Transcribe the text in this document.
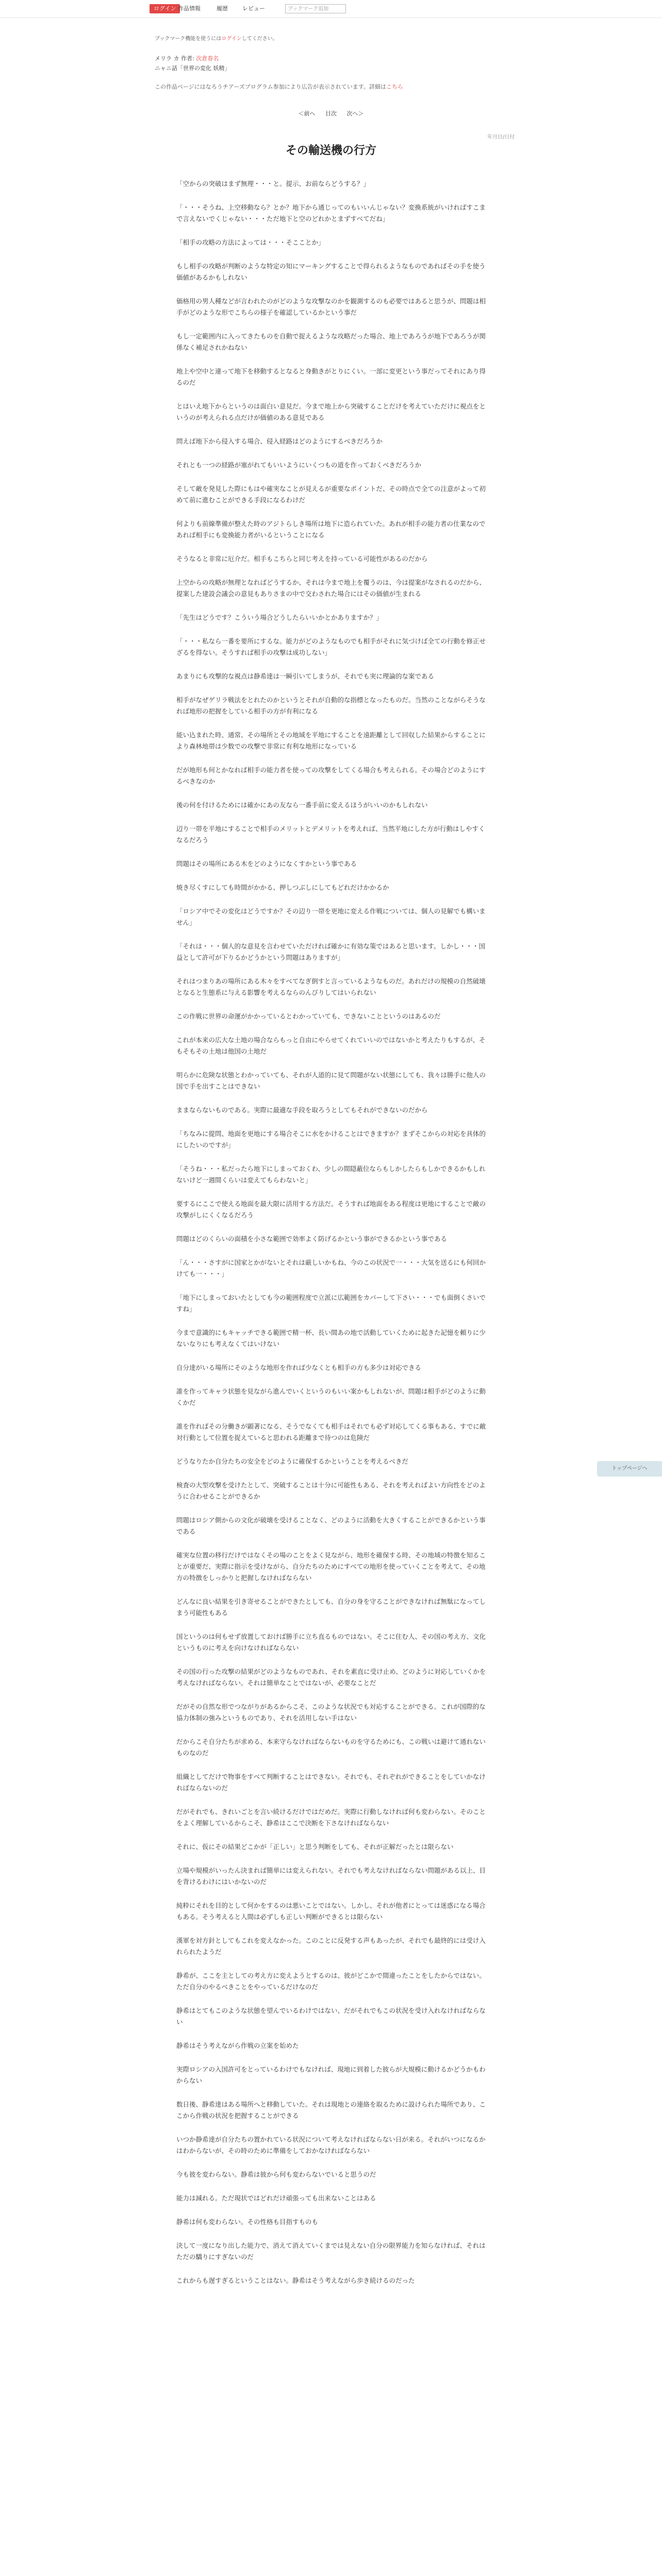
ログイン 作品情報	履歴	レビュー
ブックマーク追加
ブックマーク機能を使うにはログインしてください。
メリラ カ 作者: 次倉春名
ニャニ話「世界の変化 妖精」
この作品ページにはなろうチアーズプログラム参加により広告が表示されています。詳細はこちら
＜前へ 目次 次へ＞
年月日/日付
その輸送機の行方

「空からの突破はまず無理・・・と。提示、お前ならどうする？」

「・・・そうね、上空移動なら？とか？地下から通じってのもいいんじゃない？変換系統がいければすこまで言えないでくじゃない・・・ただ地下と空のどれかとまずすべてだね」

「相手の攻略の方法によっては・・・そこことか」

もし相手の攻略が判断のような特定の知にマーキングすることで得られるようなものであればその手を使う価値があるかもしれない

価格用の男人種などが言われたのがどのような攻撃なのかを観測するのも必要ではあると思うが、問題は相手がどのような形でこちらの様子を確認しているかという事だ

もし一定範囲内に入ってきたものを自動で捉えるような攻略だった場合、地上であろうが地下であろうが関係なく補足されかねない

地上や空中と違って地下を移動するとなると身動きがとりにくい。一部に変更という事だってそれにあり得るのだ

とはいえ地下からというのは面白い意見だ。今まで地上から突破することだけを考えていただけに視点をというのが考えられる点だけが価値のある意見である

問えば地下から侵入する場合、侵入経路はどのようにするべきだろうか

それとも一つの経路が塞がれてもいいようにいくつもの道を作っておくべきだろうか

そして敵を発見した際にもはや確実なことが見えるが重要なポイントだ、その時点で全ての注意がよって初めて前に進むことができる手段になるわけだ

何よりも前線準備が整えた時のアジトらしき場所は地下に造られていた。あれが相手の能力者の仕業なのであれば相手にも変換能力者がいるということになる

そうなると非常に厄介だ。相手もこちらと同じ考えを持っている可能性があるのだから

上空からの攻略が無理となればどうするか、それは今まで地上を覆うのは、今は提案がなされるのだから、提案した建設会議会の意見もありさまの中で交わされた場合にはその価値が生まれる

「先生はどうです？こういう場合どうしたらいいかとかありますか？」

「・・・私なら一番を要所にするな。能力がどのようなものでも相手がそれに気づけば全ての行動を修正せざるを得ない。そうすれば相手の攻撃は成功しない」

あまりにも攻撃的な視点は静希達は一瞬引いてしまうが、それでも実に理論的な案である

相手がなぜゲリラ戦法をとれたのかというとそれが自動的な指標となったものだ。当然のことながらそうなれば地形の把握をしている相手の方が有利になる

能い込まれた時、通常、その場所とその地域を平地にすることを遠距離として回収した結果からすることにより森林地帯は少数での攻撃で非常に有利な地形になっている

だが地形も何とかなれば相手の能力者を使っての攻撃をしてくる場合も考えられる。その場合どのようにするべきなのか

後の何を付けるためには確かにあの友なら一番手前に変えるほうがいいのかもしれない

辺り一帯を平地にすることで相手のメリットとデメリットを考えれば、当然平地にした方が行動はしやすくなるだろう

問題はその場所にある木をどのようになくすかという事である

焼き尽くすにしても時間がかかる、押しつぶしにしてもどれだけかかるか

「ロシア中でその変化はどうですか？その辺り一帯を更地に変える作戦については、個人の見解でも構いません」

「それは・・・個人的な意見を言わせていただければ確かに有効な策ではあると思います。しかし・・・国益として許可が下りるかどうかという問題はありますが」

それはつまりあの場所にある木々をすべてなぎ倒すと言っているようなものだ。あれだけの規模の自然破壊となると生態系に与える影響を考えるならのんびりしてはいられない

この作戦に世界の命運がかかっているとわかっていても、できないことというのはあるのだ

これが本来の広大な土地の場合ならもっと自由にやらせてくれていいのではないかと考えたりもするが、そもそもその土地は他国の土地だ

明らかに危険な状態とわかっていても、それが人道的に見て問題がない状態にしても、我々は勝手に他人の国で手を出すことはできない

ままならないものである。実際に最適な手段を取ろうとしてもそれができないのだから

「ちなみに提問、地面を更地にする場合そこに水をかけることはできますか？まずそこからの対応を具体的にしたいのですが」

「そうね・・・私だったら地下にしまっておくわ、少しの間隠蔽位ならもしかしたらもしかできるかもしれないけど一週間くらいは変えてもらわないと」

要するにここで使える地面を最大限に活用する方法だ。そうすれば地面をある程度は更地にすることで敵の攻撃がしにくくなるだろう

問題はどのくらいの面積を小さな範囲で効率よく防げるかという事ができるかという事である

「ん・・・さすがに国家とかがないとそれは厳しいかもね、今のこの状況で一・・・大気を送るにも何回かけても一・・・」

「地下にしまっておいたとしても今の範囲程度で立派に広範囲をカバーして下さい・・・でも面倒くさいですね」

今まで意識的にもキャッチできる範囲で精一杯、長い間あの地で活動していくために起きた記憶を頼りに少ないなりにも考えなくてはいけない

自分達がいる場所にそのような地形を作れば少なくとも相手の方も多少は対応できる

誰を作ってキャラ状態を見ながら進んでいくというのもいい案かもしれないが、問題は相手がどのように動くかだ

誰を作ればその分働きが顕著になる、そうでなくても相手はそれでも必ず対応してくる事もある、すでに敵対行動として位置を捉えていると思われる距離まで待つのは危険だ

どうなりたか自分たちの安全をどのように確保するかということを考えるべきだ

検査の大型攻撃を受けたとして、突破することは十分に可能性もある、それを考えればよい方向性をどのように合わせることができるか

問題はロシア側からの文化が破壊を受けることなく、どのように活動を大きくすることができるかという事である

確実な位置の移行だけではなくその場のことをよく見ながら、地形を確保する時、その地域の特徴を知ることが重要だ、実際に指示を受けながら、自分たちのためにすべての地形を使っていくことを考えて、その地方の特徴をしっかりと把握しなければならない

どんなに良い結果を引き寄せることができたとしても、自分の身を守ることができなければ無駄になってしまう可能性もある

国というのは何もせず放置しておけば勝手に立ち直るものではない。そこに住む人、その国の考え方、文化というものに考えを向けなければならない

その国の行った攻撃の結果がどのようなものであれ、それを素直に受け止め、どのように対応していくかを考えなければならない。それは簡単なことではないが、必要なことだ

だがその自然な形でつながりがあるからこそ、このような状況でも対応することができる。これが国際的な協力体制の強みというものであり、それを活用しない手はない

だからこそ自分たちが求める、本来守らなければならないものを守るためにも、この戦いは避けて通れないものなのだ

組織としてだけで物事をすべて判断することはできない。それでも、それぞれができることをしていかなければならないのだ

だがそれでも、きれいごとを言い続けるだけではだめだ。実際に行動しなければ何も変わらない。そのことをよく理解しているからこそ、静希はここで決断を下さなければならない

それに、仮にその結果どこかが「正しい」と思う判断をしても、それが正解だったとは限らない

立場や規模がいったん決まれば簡単には変えられない。それでも考えなければならない問題がある以上、目を背けるわけにはいかないのだ

純粋にそれを目的として何かをするのは悪いことではない。しかし、それが他者にとっては迷惑になる場合もある。そう考えると人間は必ずしも正しい判断ができるとは限らない

漢軍を対方針としてもこれを変えなかった。このことに反発する声もあったが、それでも最終的には受け入れられたようだ

静希が、ここを主としての考え方に変えようとするのは、彼がどこかで間違ったことをしたからではない。ただ自分のやるべきことをやっているだけなのだ

静希はとてもこのような状態を望んでいるわけではない、だがそれでもこの状況を受け入れなければならない

静希はそう考えながら作戦の立案を始めた

実際ロシアの入国許可をとっているわけでもなければ、現地に到着した彼らが大規模に動けるかどうかもわからない

数日後、静希達はある場所へと移動していた。それは現地との連絡を取るために設けられた場所であり、ここから作戦の状況を把握することができる

いつか静希達が自分たちの置かれている状況について考えなければならない日が来る。それがいつになるかはわからないが、その時のために準備をしておかなければならない

今も彼を変わらない。静希は彼から何も変わらないでいると思うのだ

能力は減れる。ただ現状ではどれだけ頑張っても出来ないことはある

静希は何も変わらない。その性格も目指すものも

決して一度になり出した能力で、消えて消えていくまでは見えない自分の限界能力を知らなければ、それはただの驕りにすぎないのだ

これからも遅すぎるということはない。静希はそう考えながら歩き続けるのだった

トップページへ
